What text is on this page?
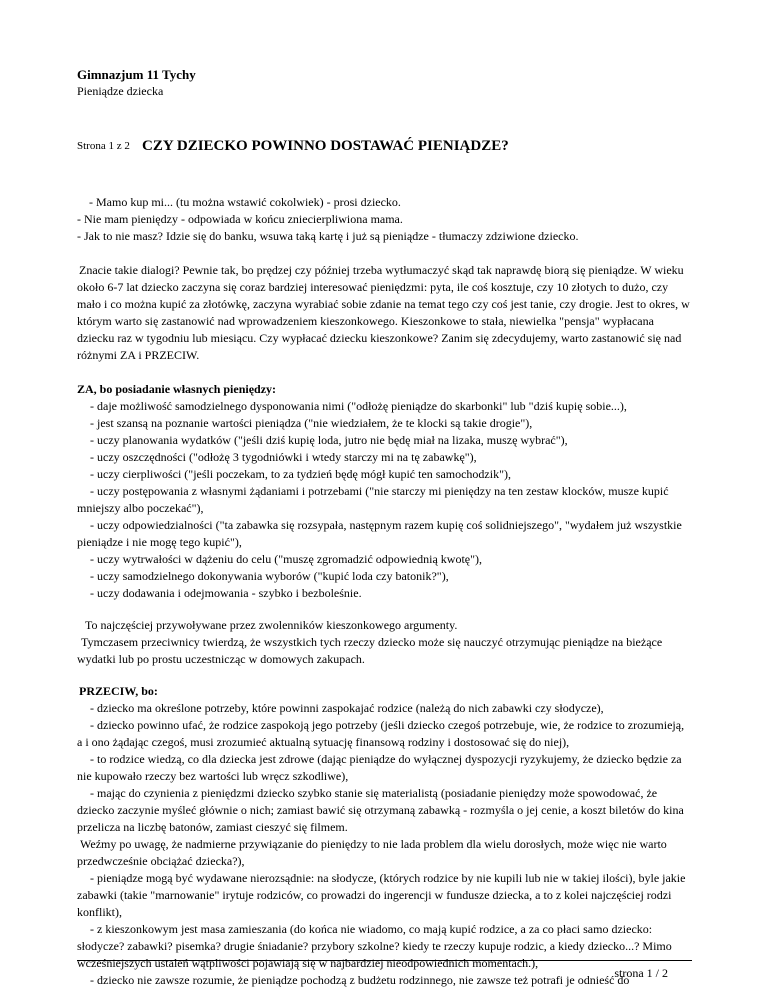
Gimnazjum 11 Tychy
Pieniądze dziecka
Strona 1 z 2 CZY DZIECKO POWINNO DOSTAWAĆ PIENIĄDZE?

- Mamo kup mi... (tu można wstawić cokolwiek) - prosi dziecko.

- Nie mam pieniędzy - odpowiada w końcu zniecierpliwiona mama.

- Jak to nie masz? Idzie się do banku, wsuwa taką kartę i już są pieniądze - tłumaczy zdziwione dziecko.

Znacie takie dialogi? Pewnie tak, bo prędzej czy później trzeba wytłumaczyć skąd tak naprawdę biorą się pieniądze. W wieku około 6-7 lat dziecko zaczyna się coraz bardziej interesować pieniędzmi: pyta, ile coś kosztuje, czy 10 złotych to dużo, czy mało i co można kupić za złotówkę, zaczyna wyrabiać sobie zdanie na temat tego czy coś jest tanie, czy drogie. Jest to okres, w którym warto się zastanowić nad wprowadzeniem kieszonkowego. Kieszonkowe to stała, niewielka "pensja" wypłacana dziecku raz w tygodniu lub miesiącu. Czy wypłacać dziecku kieszonkowe? Zanim się zdecydujemy, warto zastanowić się nad różnymi ZA i PRZECIW.

ZA, bo posiadanie własnych pieniędzy:

- daje możliwość samodzielnego dysponowania nimi ("odłożę pieniądze do skarbonki" lub "dziś kupię sobie...),

- jest szansą na poznanie wartości pieniądza ("nie wiedziałem, że te klocki są takie drogie"),

- uczy planowania wydatków ("jeśli dziś kupię loda, jutro nie będę miał na lizaka, muszę wybrać"),

- uczy oszczędności ("odłożę 3 tygodniówki i wtedy starczy mi na tę zabawkę"),

- uczy cierpliwości ("jeśli poczekam, to za tydzień będę mógł kupić ten samochodzik"),

- uczy postępowania z własnymi żądaniami i potrzebami ("nie starczy mi pieniędzy na ten zestaw klocków, musze kupić mniejszy albo poczekać"),

- uczy odpowiedzialności ("ta zabawka się rozsypała, następnym razem kupię coś solidniejszego", "wydałem już wszystkie pieniądze i nie mogę tego kupić"),

- uczy wytrwałości w dążeniu do celu ("muszę zgromadzić odpowiednią kwotę"),

- uczy samodzielnego dokonywania wyborów ("kupić loda czy batonik?"),

- uczy dodawania i odejmowania - szybko i bezboleśnie.

To najczęściej przywoływane przez zwolenników kieszonkowego argumenty.

Tymczasem przeciwnicy twierdzą, że wszystkich tych rzeczy dziecko może się nauczyć otrzymując pieniądze na bieżące wydatki lub po prostu uczestnicząc w domowych zakupach.

PRZECIW, bo:

- dziecko ma określone potrzeby, które powinni zaspokajać rodzice (należą do nich zabawki czy słodycze),

- dziecko powinno ufać, że rodzice zaspokoją jego potrzeby (jeśli dziecko czegoś potrzebuje, wie, że rodzice to zrozumieją, a i ono żądając czegoś, musi zrozumieć aktualną sytuację finansową rodziny i dostosować się do niej),

- to rodzice wiedzą, co dla dziecka jest zdrowe (dając pieniądze do wyłącznej dyspozycji ryzykujemy, że dziecko będzie za nie kupowało rzeczy bez wartości lub wręcz szkodliwe),

- mając do czynienia z pieniędzmi dziecko szybko stanie się materialistą (posiadanie pieniędzy może spowodować, że dziecko zaczynie myśleć głównie o nich; zamiast bawić się otrzymaną zabawką - rozmyśla o jej cenie, a koszt biletów do kina przelicza na liczbę batonów, zamiast cieszyć się filmem.

Weźmy po uwagę, że nadmierne przywiązanie do pieniędzy to nie lada problem dla wielu dorosłych, może więc nie warto przedwcześnie obciążać dziecka?),

- pieniądze mogą być wydawane nierozsądnie: na słodycze, (których rodzice by nie kupili lub nie w takiej ilości), byle jakie zabawki (takie "marnowanie" irytuje rodziców, co prowadzi do ingerencji w fundusze dziecka, a to z kolei najczęściej rodzi konflikt),

- z kieszonkowym jest masa zamieszania (do końca nie wiadomo, co mają kupić rodzice, a za co płaci samo dziecko: słodycze? zabawki? pisemka? drugie śniadanie? przybory szkolne? kiedy te rzeczy kupuje rodzic, a kiedy dziecko...? Mimo wcześniejszych ustaleń wątpliwości pojawiają się w najbardziej nieodpowiednich momentach.),

- dziecko nie zawsze rozumie, że pieniądze pochodzą z budżetu rodzinnego, nie zawsze też potrafi je odnieść do

strona 1 / 2
